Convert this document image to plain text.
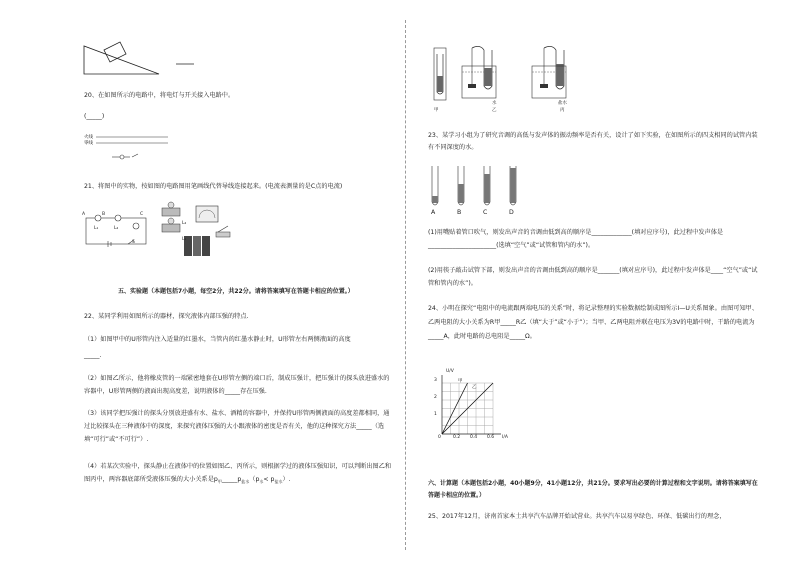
20、在如图所示的电路中，将电灯与开关接入电路中。
(_____)
火线
零线
21、将图中的实物，按如图的电路图用笔画线代替导线连接起来。(电流表测量的是C点的电流)
A	B	C
L₁	L₂
S
L₂
L₁
五、实验题（本题包括7小题，每空2分，共22分。请将答案填写在答题卡相应的位置。）
22、某同学利用如图所示的器材，探究液体内部压强的特点.
（1）如图甲中的U形管内注入适量的红墨水，当管内的红墨水静止时，U形管左右两侧液面的高度
_____.
（2）如图乙所示，他将橡皮管的一端紧密地套在U形管左侧的端口后，制成压强计，把压强计的探头放进盛水的容器中，U形管两侧的液面出现高度差，说明液体的_____存在压强.
（3）该同学把压强计的探头分别放进盛有水、盐水、酒精的容器中，并保持U形管两侧液面的高度差都相同，通过比较探头在三种液体中的深度，来探究液体压强的大小跟液体的密度是否有关，他的这种探究方法_____（选填“可行”或“不可行”）.
（4）若某次实验中，探头静止在液体中的位置如图乙、丙所示，则根据学过的液体压强知识，可以判断出图乙和图丙中，两容器底部所受液体压强的大小关系是$p_甲\_\_\_\_\_p_{盐水}(p_水< p_{盐水})$.
甲
水
乙
盐水
丙
23、某学习小组为了研究音调的高低与发声体的振动频率是否有关，设计了如下实验，在如图所示的四支相同的试管内装有不同深度的水。
A	B	C	D
(1)用嘴贴着管口吹气，则发出声音的音调由低到高的顺序是_____________(填对应序号)，此过程中发声体是______________________(选填“空气”或“试管和管内的水”)。
(2)用筷子敲击试管下部，则发出声音的音调由低到高的顺序是_______(填对应序号)，此过程中发声体是____“空气”或“试管和管内的水”)。
24、小明在探究“电阻中的电流跟两端电压的关系”时，将记录整理的实验数据绘制成图所示I—U关系图象。由图可知甲、乙两电阻的大小关系为R甲_____R乙（填“大于”或“小于”）；当甲、乙两电阻并联在电压为3V的电路中时，干路的电流为_____A，此时电路的总电阻是_____Ω。
U/V
I/A
3
2
1
0	0.2 0.4 0.6
甲
乙
六、计算题（本题包括2小题，40小题9分，41小题12分，共21分。要求写出必要的计算过程和文字说明。请将答案填写在答题卡相应的位置。）
25、2017年12月，济南首家本土共享汽车品牌开始试营业。共享汽车以易享绿色、环保、低碳出行的理念，
